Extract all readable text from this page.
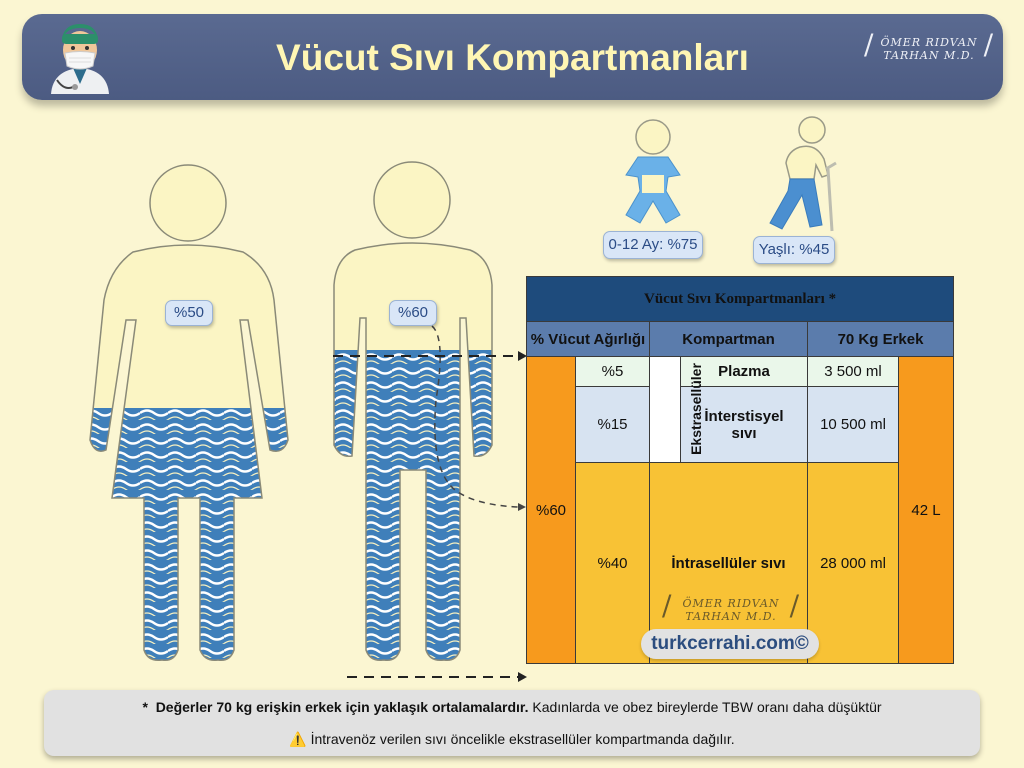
Vücut Sıvı Kompartmanları	/ ÖMER RIDVAN
TARHAN M.D. /
%50	%60
0-12 Ay: %75	Yaşlı: %45
Vücut Sıvı Kompartmanları *					
% Vücut Ağırlığı		Kompartman		70 Kg Erkek	
%60	%5	Ekstrasellüler	Plazma	3 500 ml	42 L
	%15		İnterstisyel sıvı	10 500 ml	
	%40	İntrasellüler sıvı		28 000 ml	
/ ÖMER RIDVAN
TARHAN M.D. /
turkcerrahi.com©
* Değerler 70 kg erişkin erkek için yaklaşık ortalamalardır. Kadınlarda ve obez bireylerde TBW oranı daha düşüktür
⚠️ İntravenöz verilen sıvı öncelikle ekstrasellüler kompartmanda dağılır.
